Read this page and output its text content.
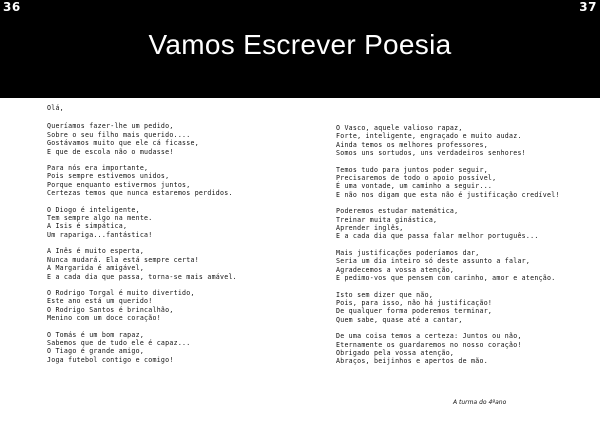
36	37
Vamos Escrever Poesia
Olá,
Queríamos fazer-lhe um pedido,
Sobre o seu filho mais querido....
Gostávamos muito que ele cá ficasse,
E que de escola não o mudasse!
Para nós era importante,
Pois sempre estivemos unidos,
Porque enquanto estivermos juntos,
Certezas temos que nunca estaremos perdidos.
O Diogo é inteligente,
Tem sempre algo na mente.
A Isis é simpática,
Um rapariga...fantástica!
A Inês é muito esperta,
Nunca mudará. Ela está sempre certa!
A Margarida é amigável,
E a cada dia que passa, torna-se mais amável.
O Rodrigo Torgal é muito divertido,
Este ano está um querido!
O Rodrigo Santos é brincalhão,
Menino com um doce coração!
O Tomás é um bom rapaz,
Sabemos que de tudo ele é capaz...
O Tiago é grande amigo,
Joga futebol contigo e comigo!
O Vasco, aquele valioso rapaz,
Forte, inteligente, engraçado e muito audaz.
Ainda temos os melhores professores,
Somos uns sortudos, uns verdadeiros senhores!
Temos tudo para juntos poder seguir,
Precisaremos de todo o apoio possível,
É uma vontade, um caminho a seguir...
E não nos digam que esta não é justificação credível!
Poderemos estudar matemática,
Treinar muita ginástica,
Aprender inglês,
E a cada dia que passa falar melhor português...
Mais justificações poderíamos dar,
Seria um dia inteiro só deste assunto a falar,
Agradecemos a vossa atenção,
E pedimo-vos que pensem com carinho, amor e atenção.
Isto sem dizer que não,
Pois, para isso, não há justificação!
De qualquer forma poderemos terminar,
Quem sabe, quase até a cantar,
De uma coisa temos a certeza: Juntos ou não,
Eternamente os guardaremos no nosso coração!
Obrigado pela vossa atenção,
Abraços, beijinhos e apertos de mão.
A turma do 4ºano
